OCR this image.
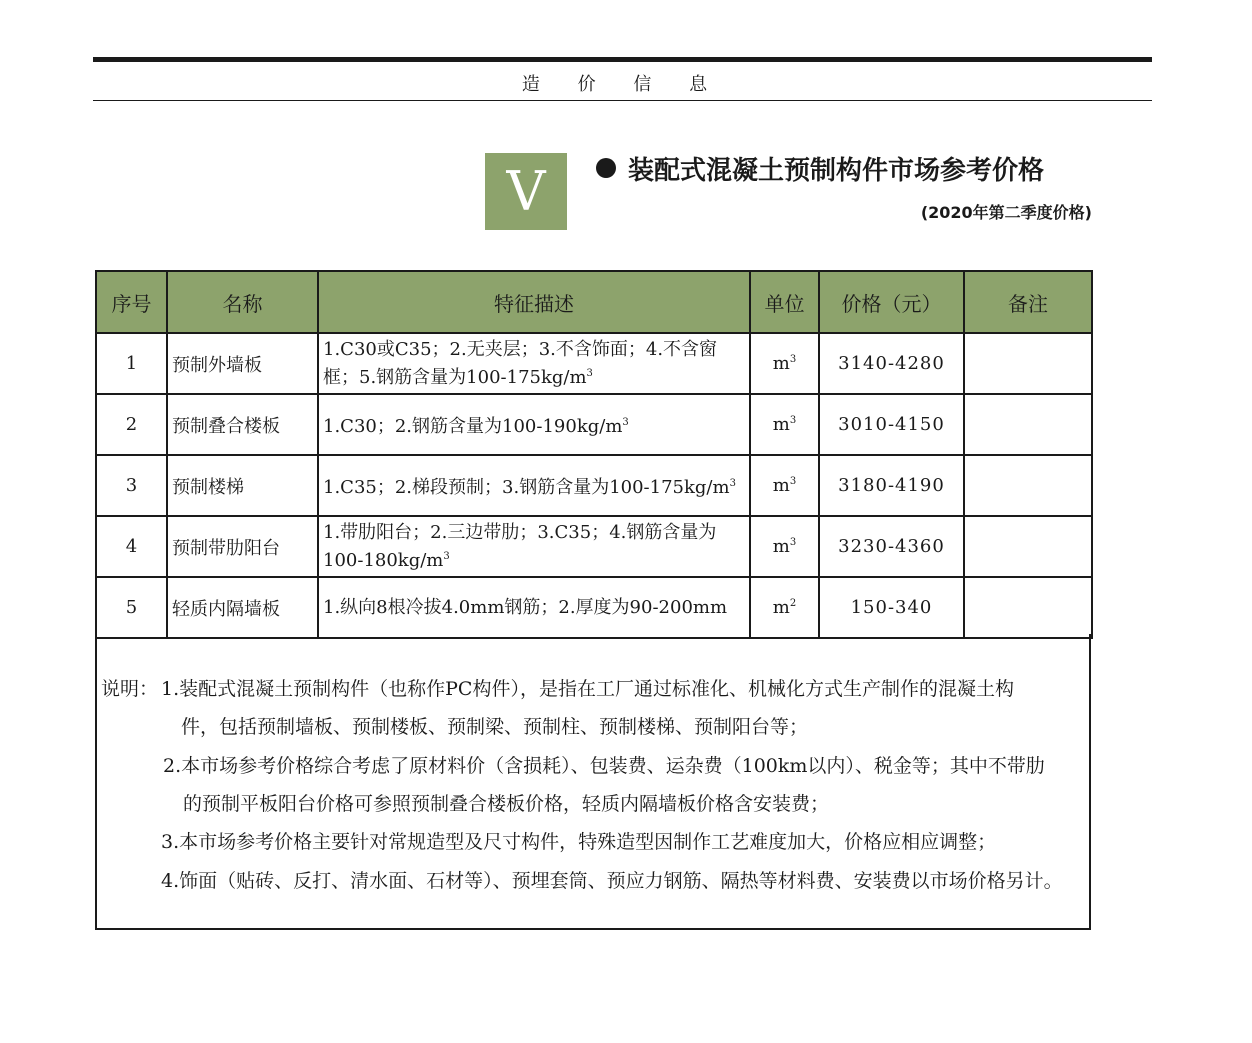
造 价 信 息
V	装配式混凝土预制构件市场参考价格
(2020年第二季度价格)
序号	名称	特征描述	单位	价格（元）	备注
1	预制外墙板	1.C30或C35；2.无夹层；3.不含饰面；4.不含窗
框；5.钢筋含量为$100-175kg/m^3$	$m^3$	3140-4280	
2	预制叠合楼板	1.C30；2.钢筋含量为$100-190kg/m^3$	$m^3$	3010-4150	
3	预制楼梯	1.C35；2.梯段预制；3.钢筋含量为$100-175kg/m^3$	$m^3$	3180-4190	
4	预制带肋阳台	1.带肋阳台；2.三边带肋；3.C35；4.钢筋含量为
$100-180kg/m^3$	$m^3$	3230-4360	
5	轻质内隔墙板	1.纵向8根冷拔4.0mm钢筋；2.厚度为90-200mm	$m^2$	150-340	
说明： 1.装配式混凝土预制构件（也称作PC构件），是指在工厂通过标准化、机械化方式生产制作的混凝土构
件，包括预制墙板、预制楼板、预制梁、预制柱、预制楼梯、预制阳台等；
2.本市场参考价格综合考虑了原材料价（含损耗）、包装费、运杂费（100km以内）、税金等；其中不带肋
的预制平板阳台价格可参照预制叠合楼板价格，轻质内隔墙板价格含安装费；
3.本市场参考价格主要针对常规造型及尺寸构件，特殊造型因制作工艺难度加大，价格应相应调整；
4.饰面（贴砖、反打、清水面、石材等）、预埋套筒、预应力钢筋、隔热等材料费、安装费以市场价格另计。
